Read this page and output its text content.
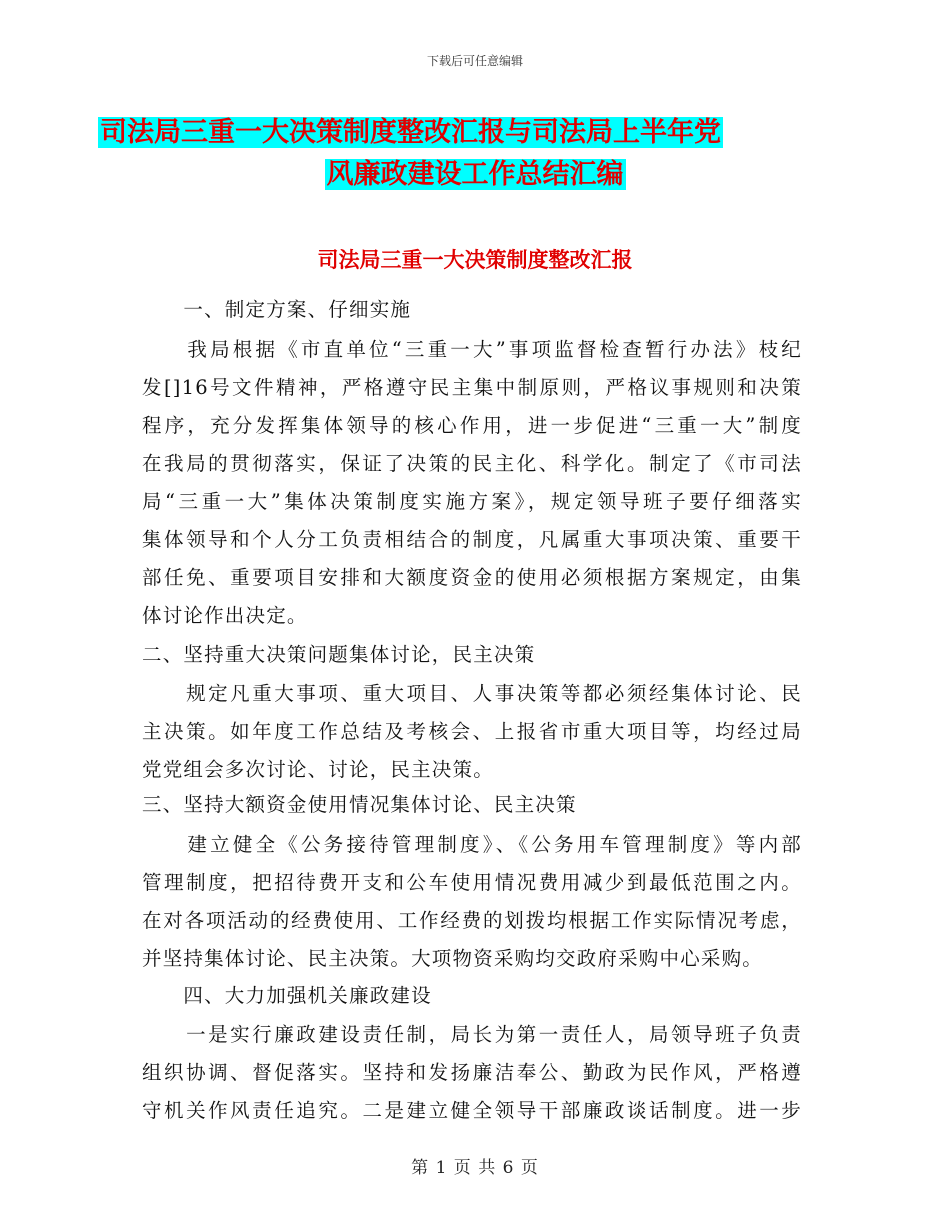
下载后可任意编辑
司法局三重一大决策制度整改汇报与司法局上半年党
风廉政建设工作总结汇编
司法局三重一大决策制度整改汇报
　　一、制定方案、仔细实施
　　我局根据《市直单位“三重一大”事项监督检查暂行办法》枝纪
发[]16号文件精神，严格遵守民主集中制原则，严格议事规则和决策
程序，充分发挥集体领导的核心作用，进一步促进“三重一大”制度
在我局的贯彻落实，保证了决策的民主化、科学化。制定了《市司法
局“三重一大”集体决策制度实施方案》，规定领导班子要仔细落实
集体领导和个人分工负责相结合的制度，凡属重大事项决策、重要干
部任免、重要项目安排和大额度资金的使用必须根据方案规定，由集
体讨论作出决定。
二、坚持重大决策问题集体讨论，民主决策
　　规定凡重大事项、重大项目、人事决策等都必须经集体讨论、民
主决策。如年度工作总结及考核会、上报省市重大项目等，均经过局
党党组会多次讨论、讨论，民主决策。
三、坚持大额资金使用情况集体讨论、民主决策
　　建立健全《公务接待管理制度》、《公务用车管理制度》等内部
管理制度，把招待费开支和公车使用情况费用减少到最低范围之内。
在对各项活动的经费使用、工作经费的划拨均根据工作实际情况考虑，
并坚持集体讨论、民主决策。大项物资采购均交政府采购中心采购。
　　四、大力加强机关廉政建设
　　一是实行廉政建设责任制，局长为第一责任人，局领导班子负责
组织协调、督促落实。坚持和发扬廉洁奉公、勤政为民作风，严格遵
守机关作风责任追究。二是建立健全领导干部廉政谈话制度。进一步
第 1 页 共 6 页
